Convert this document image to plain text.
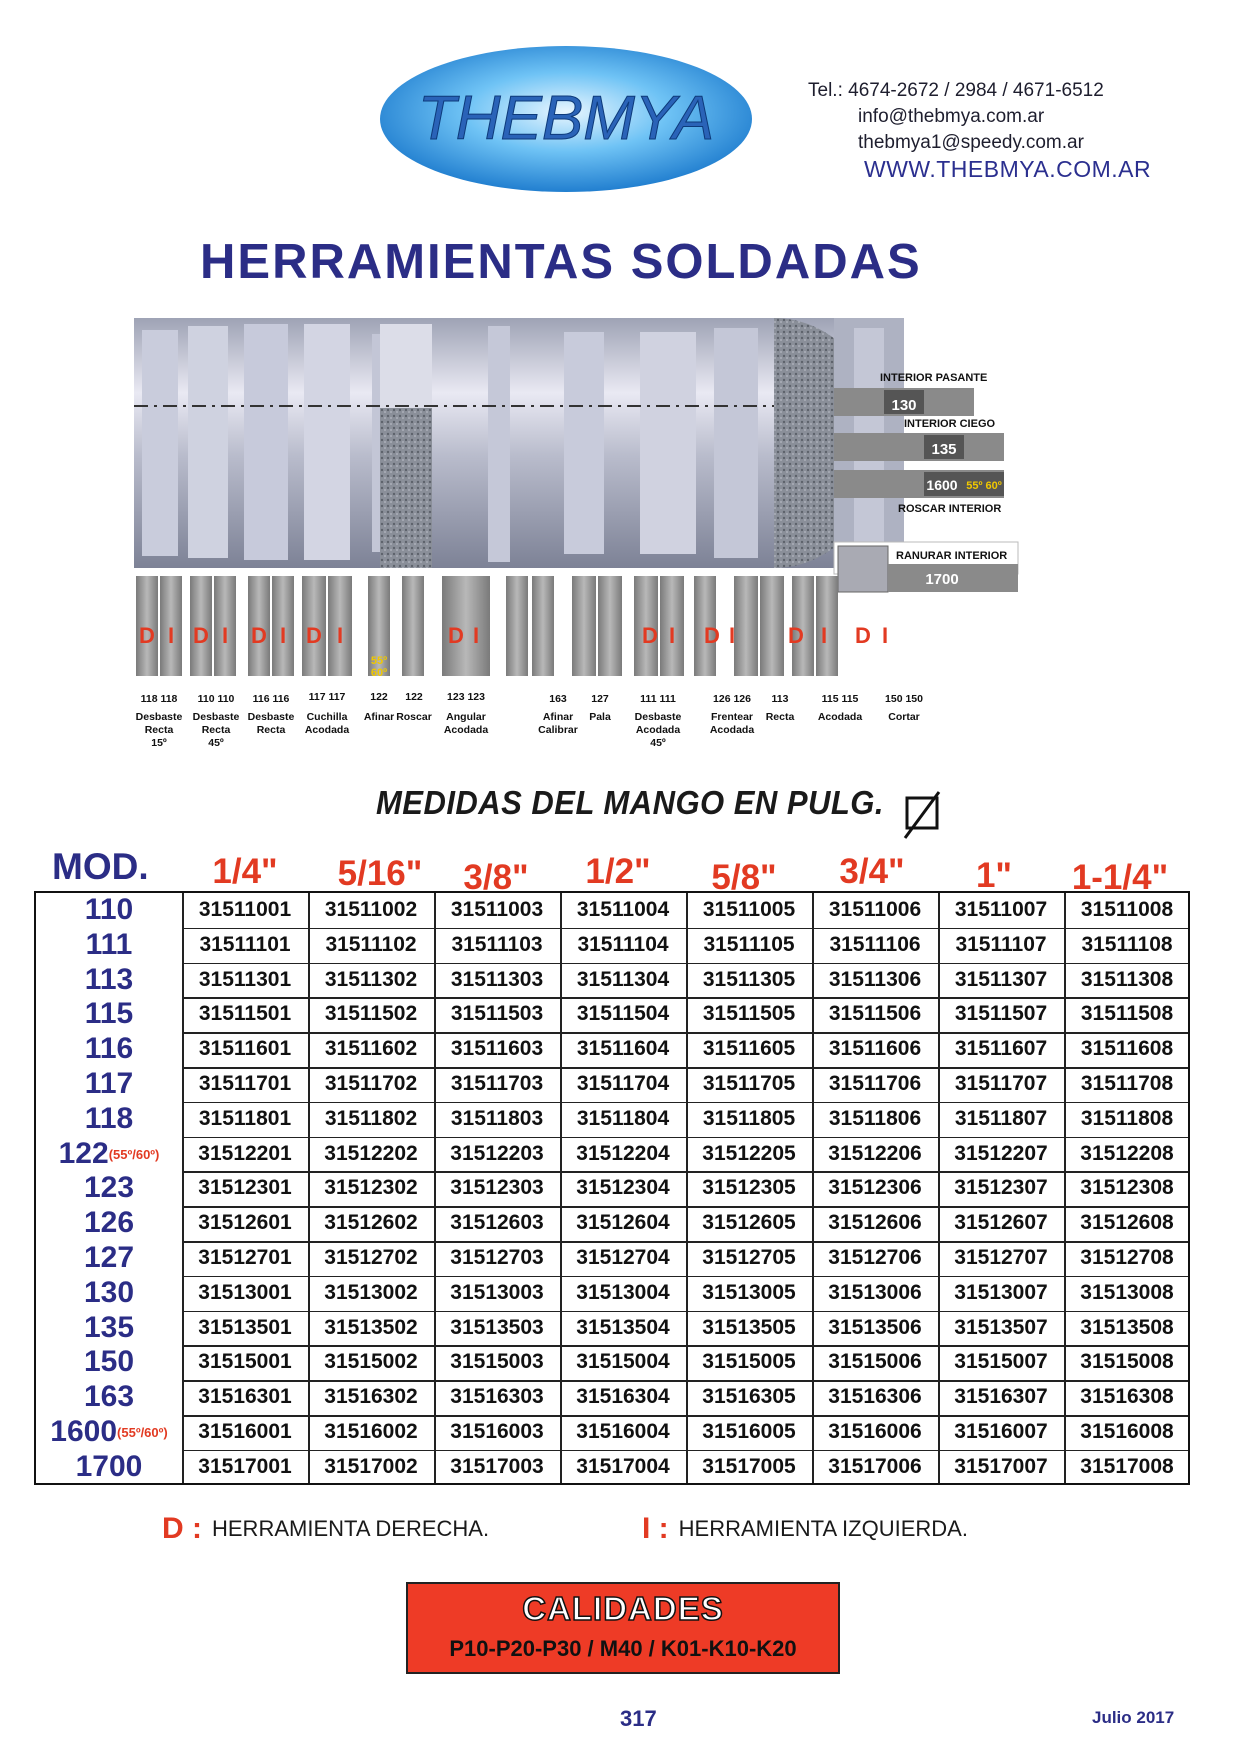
THEBMYA	Tel.: 4674-2672 / 2984 / 4671-6512
info@thebmya.com.ar
thebmya1@speedy.com.ar
WWW.THEBMYA.COM.AR
HERRAMIENTAS SOLDADAS
130
135
1600 55º 60º
INTERIOR PASANTE
INTERIOR CIEGO
ROSCAR INTERIOR
1700
RANURAR INTERIOR
D I D I D I D I	D I	D I D I D I D I
55º
60º
118 118 110 110 116 116 117 117 122 122 123 123	163 127	111 111	126 126 113	115 115	150 150
Desbaste
Recta
15º
Desbaste
Recta
45º
Desbaste
Recta
Cuchilla
Acodada
Afinar Roscar Angular
Acodada
Afinar
Calibrar
Pala Desbaste
Acodada
45º
Frentear
Acodada
Recta Acodada Cortar
MEDIDAS DEL MANGO EN PULG.
MOD.	1/4"	5/16"	3/8"	1/2"	5/8"	3/4"	1"	1-1/4"
110	31511001	31511002	31511003	31511004	31511005	31511006	31511007	31511008
111	31511101	31511102	31511103	31511104	31511105	31511106	31511107	31511108
113	31511301	31511302	31511303	31511304	31511305	31511306	31511307	31511308
115	31511501	31511502	31511503	31511504	31511505	31511506	31511507	31511508
116	31511601	31511602	31511603	31511604	31511605	31511606	31511607	31511608
117	31511701	31511702	31511703	31511704	31511705	31511706	31511707	31511708
118	31511801	31511802	31511803	31511804	31511805	31511806	31511807	31511808
122(55º/60º)	31512201	31512202	31512203	31512204	31512205	31512206	31512207	31512208
123	31512301	31512302	31512303	31512304	31512305	31512306	31512307	31512308
126	31512601	31512602	31512603	31512604	31512605	31512606	31512607	31512608
127	31512701	31512702	31512703	31512704	31512705	31512706	31512707	31512708
130	31513001	31513002	31513003	31513004	31513005	31513006	31513007	31513008
135	31513501	31513502	31513503	31513504	31513505	31513506	31513507	31513508
150	31515001	31515002	31515003	31515004	31515005	31515006	31515007	31515008
163	31516301	31516302	31516303	31516304	31516305	31516306	31516307	31516308
1600(55º/60º)	31516001	31516002	31516003	31516004	31516005	31516006	31516007	31516008
1700	31517001	31517002	31517003	31517004	31517005	31517006	31517007	31517008
D : HERRAMIENTA DERECHA.	I : HERRAMIENTA IZQUIERDA.
CALIDADES
P10-P20-P30 / M40 / K01-K10-K20
317	Julio 2017
